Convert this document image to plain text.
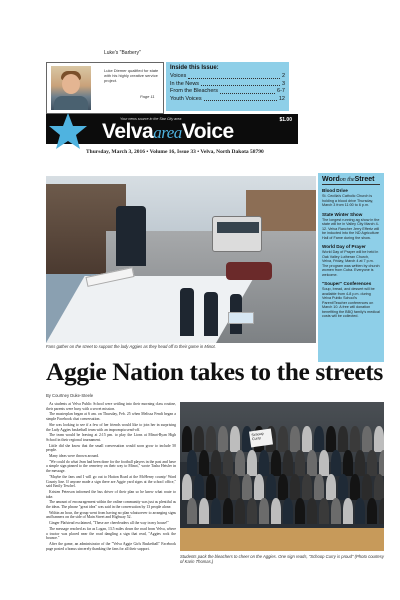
Luke's "Barbery"
Luke Diemer qualified for state with his highly creative service project.
Page 11
Inside this Issue:
Voices	2
In the News	3
From the Bleachers	6-7
Youth Voices	12
Your news source in the Star City area	$1.00
VelvaareaVoice
Thursday, March 3, 2016 • Volume 16, Issue 33 • Velva, North Dakota 58790
Fans gather on the street to support the lady Aggies as they head off to their game in Minot.
Wordon theStreet
Blood Drive

St. Cecilia's Catholic Church is holding a blood drive Thursday, March 3 from 11:00 to 6 p.m.

State Winter Show

The longest running ag show in the state will be in Valley City March 4-12. Velva Rancher Jerry Effertz will be inducted into the ND Agriculture Hall of Fame during the show.

World Day of Prayer

World Day of Prayer will be held in Oak Valley Lutheran Church, Velva, Friday, March 4 at 7 p.m. The program was written by church women from Cuba. Everyone is welcome.

"Souper" Conferences

Soup, bread, and dessert will be available from 4-8 p.m. during Velva Public School's Parent/Teacher conferences on March 10. A free will donation benefiting the BBQ family's medical costs will be collected.

Aggie Nation takes to the streets
By Courtney Duke-Steele

As students at Velva Public School were settling into their morning class routine, their parents were busy with a secret mission.

The masterplan began at 6 am. on Thursday, Feb. 25 when Melissa Fendt began a simple Facebook chat conversation.

She was looking to see if a few of her friends would like to join her in surprising the Lady Aggies basketball team with an impromptu send-off.

The team would be leaving at 2:15 pm. to play the Lions at Minot-Ryan High School in their regional tournament.

Little did she know that the small conversation would soon grow to include 50 people.

Many ideas were thrown around.

"We could do what Jean had been done for the football players in the past and have a simple sign pinned to the cemetery on their way to Minot," wrote Tasha Heisler in the message.

"Maybe the fans and I will go out to Hatton Road at the McHenry county/ Ward County line. If anyone made a sign there are Aggie yard signs at the school office," said Emily Teschel.

Kristen Peterson informed the bus driver of their plan so he knew what route to take.

The amount of encouragement within the online community was just as plentiful as the ideas. The phrase "great idea" was said in the conversation by 13 people alone.

Within an hour, the group went from having no plan whatsoever to arranging signs and banners on the side of Main Street and Highway 52.

Ginger Plafstead exclaimed, "These are cheerleaders all the way in my house!"

The message reached as far as Logan, 13.5 miles down the road from Velva, where a tractor was placed near the road dangling a sign that read, "Aggies rock the bounce."

After the game, an administrator of the "Velva Aggie Girls Basketball" Facebook page posted a bonus sincerely thanking the fans for all their support.

Schoop Curry
Students pack the bleachers to cheer on the Aggies. One sign reads, "Schoop Curry is proud" (Photo courtesy of Karin Thomas.)
